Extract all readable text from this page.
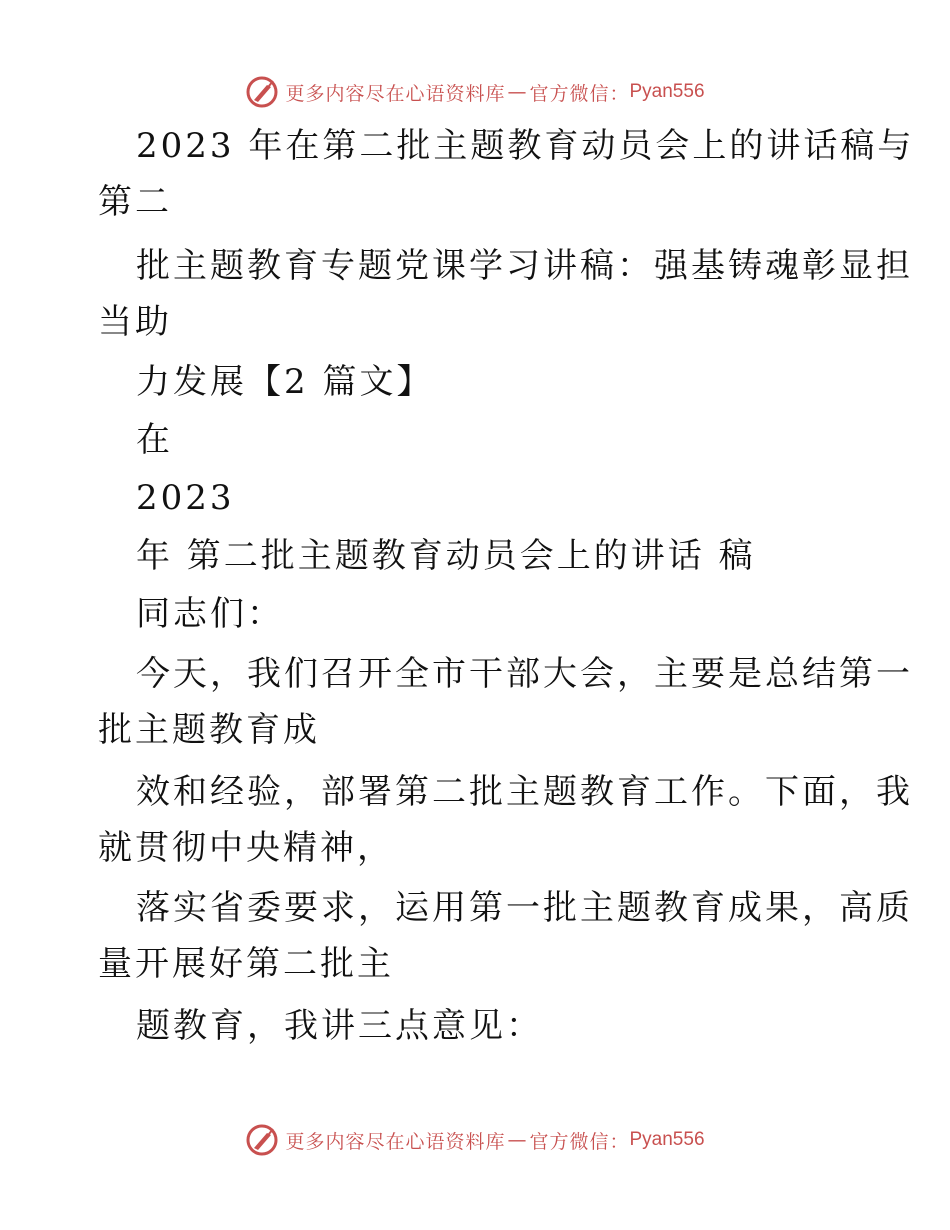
更多内容尽在心语资料库 — 官方微信： Pyan556
2023 年在第二批主题教育动员会上的讲话稿与
第二
批主题教育专题党课学习讲稿：强基铸魂彰显担
当助
力发展【2 篇文】
在
2023
年 第二批主题教育动员会上的讲话 稿
同志们：
今天，我们召开全市干部大会，主要是总结第一
批主题教育成
效和经验，部署第二批主题教育工作。下面，我
就贯彻中央精神，
落实省委要求，运用第一批主题教育成果，高质
量开展好第二批主
题教育，我讲三点意见：
更多内容尽在心语资料库 — 官方微信： Pyan556
